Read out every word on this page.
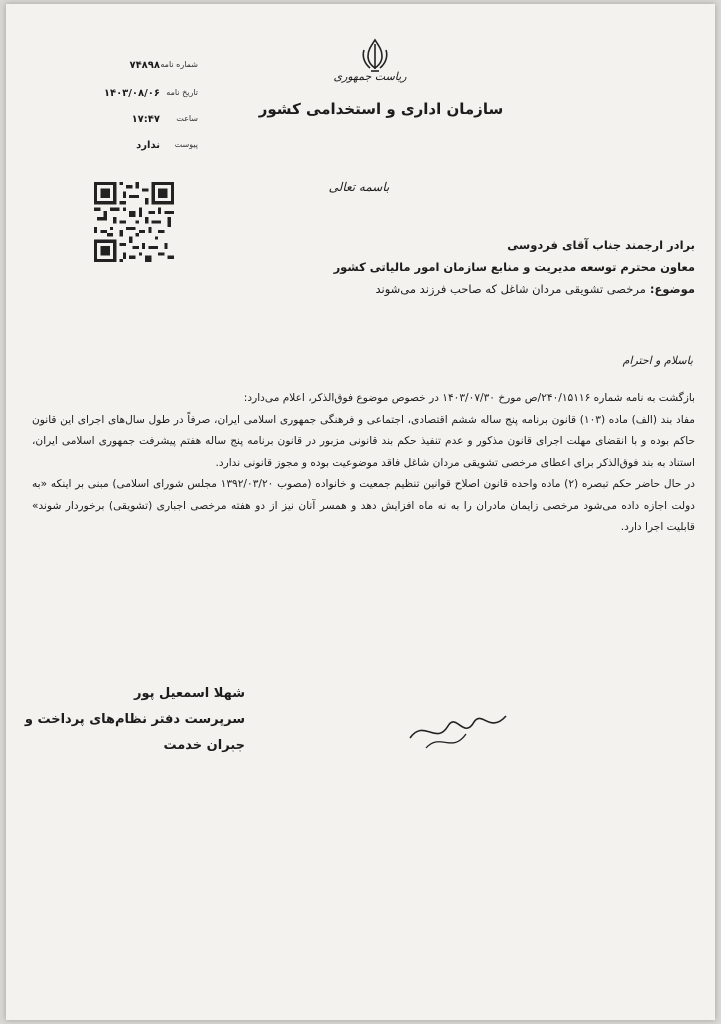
شماره نامه
۷۴۸۹۸
تاریخ نامه
۱۴۰۳/۰۸/۰۶
ساعت
۱۷:۴۷
پیوست
ندارد
ریاست جمهوری
سازمان اداری و استخدامی کشور
باسمه تعالی
برادر ارجمند جناب آقای فردوسی
معاون محترم توسعه مدیریت و منابع سازمان امور مالیاتی کشور
موضوع: مرخصی تشویقی مردان شاغل که صاحب فرزند می‌شوند
باسلام و احترام

بازگشت به نامه شماره ۲۴۰/۱۵۱۱۶/ص مورخ ۱۴۰۳/۰۷/۳۰ در خصوص موضوع فوق‌الذکر، اعلام می‌دارد:

مفاد بند (الف) ماده (۱۰۳) قانون برنامه پنج ساله ششم اقتصادی، اجتماعی و فرهنگی جمهوری اسلامی ایران، صرفاً در طول سال‌های اجرای این قانون حاکم بوده و با انقضای مهلت اجرای قانون مذکور و عدم تنفیذ حکم بند قانونی مزبور در قانون برنامه پنج ساله هفتم پیشرفت جمهوری اسلامی ایران، استناد به بند فوق‌الذکر برای اعطای مرخصی تشویقی مردان شاغل فاقد موضوعیت بوده و مجوز قانونی ندارد.

در حال حاضر حکم تبصره (۲) ماده واحده قانون اصلاح قوانین تنظیم جمعیت و خانواده (مصوب ۱۳۹۲/۰۳/۲۰ مجلس شورای اسلامی) مبنی بر اینکه «به دولت اجازه داده می‌شود مرخصی زایمان مادران را به نه ماه افزایش دهد و همسر آنان نیز از دو هفته مرخصی اجباری (تشویقی) برخوردار شوند» قابلیت اجرا دارد.

شهلا اسمعیل پور
سرپرست دفتر نظام‌های پرداخت و
جبران خدمت
